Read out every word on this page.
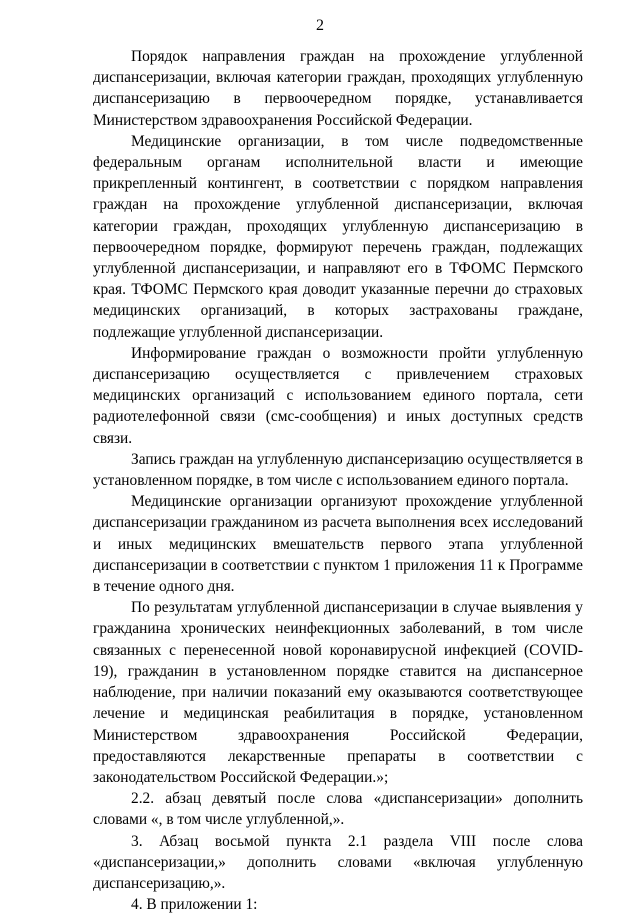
2

Порядок направления граждан на прохождение углубленной диспансеризации, включая категории граждан, проходящих углубленную диспансеризацию в первоочередном порядке, устанавливается Министерством здравоохранения Российской Федерации.

Медицинские организации, в том числе подведомственные федеральным органам исполнительной власти и имеющие прикрепленный контингент, в соответствии с порядком направления граждан на прохождение углубленной диспансеризации, включая категории граждан, проходящих углубленную диспансеризацию в первоочередном порядке, формируют перечень граждан, подлежащих углубленной диспансеризации, и направляют его в ТФОМС Пермского края. ТФОМС Пермского края доводит указанные перечни до страховых медицинских организаций, в которых застрахованы граждане, подлежащие углубленной диспансеризации.

Информирование граждан о возможности пройти углубленную диспансеризацию осуществляется с привлечением страховых медицинских организаций с использованием единого портала, сети радиотелефонной связи (смс-сообщения) и иных доступных средств связи.

Запись граждан на углубленную диспансеризацию осуществляется в установленном порядке, в том числе с использованием единого портала.

Медицинские организации организуют прохождение углубленной диспансеризации гражданином из расчета выполнения всех исследований и иных медицинских вмешательств первого этапа углубленной диспансеризации в соответствии с пунктом 1 приложения 11 к Программе в течение одного дня.

По результатам углубленной диспансеризации в случае выявления у гражданина хронических неинфекционных заболеваний, в том числе связанных с перенесенной новой коронавирусной инфекцией (COVID-19), гражданин в установленном порядке ставится на диспансерное наблюдение, при наличии показаний ему оказываются соответствующее лечение и медицинская реабилитация в порядке, установленном Министерством здравоохранения Российской Федерации, предоставляются лекарственные препараты в соответствии с законодательством Российской Федерации.»;

2.2. абзац девятый после слова «диспансеризации» дополнить словами «, в том числе углубленной,».

3. Абзац восьмой пункта 2.1 раздела VIII после слова «диспансеризации,» дополнить словами «включая углубленную диспансеризацию,».

4. В приложении 1:
